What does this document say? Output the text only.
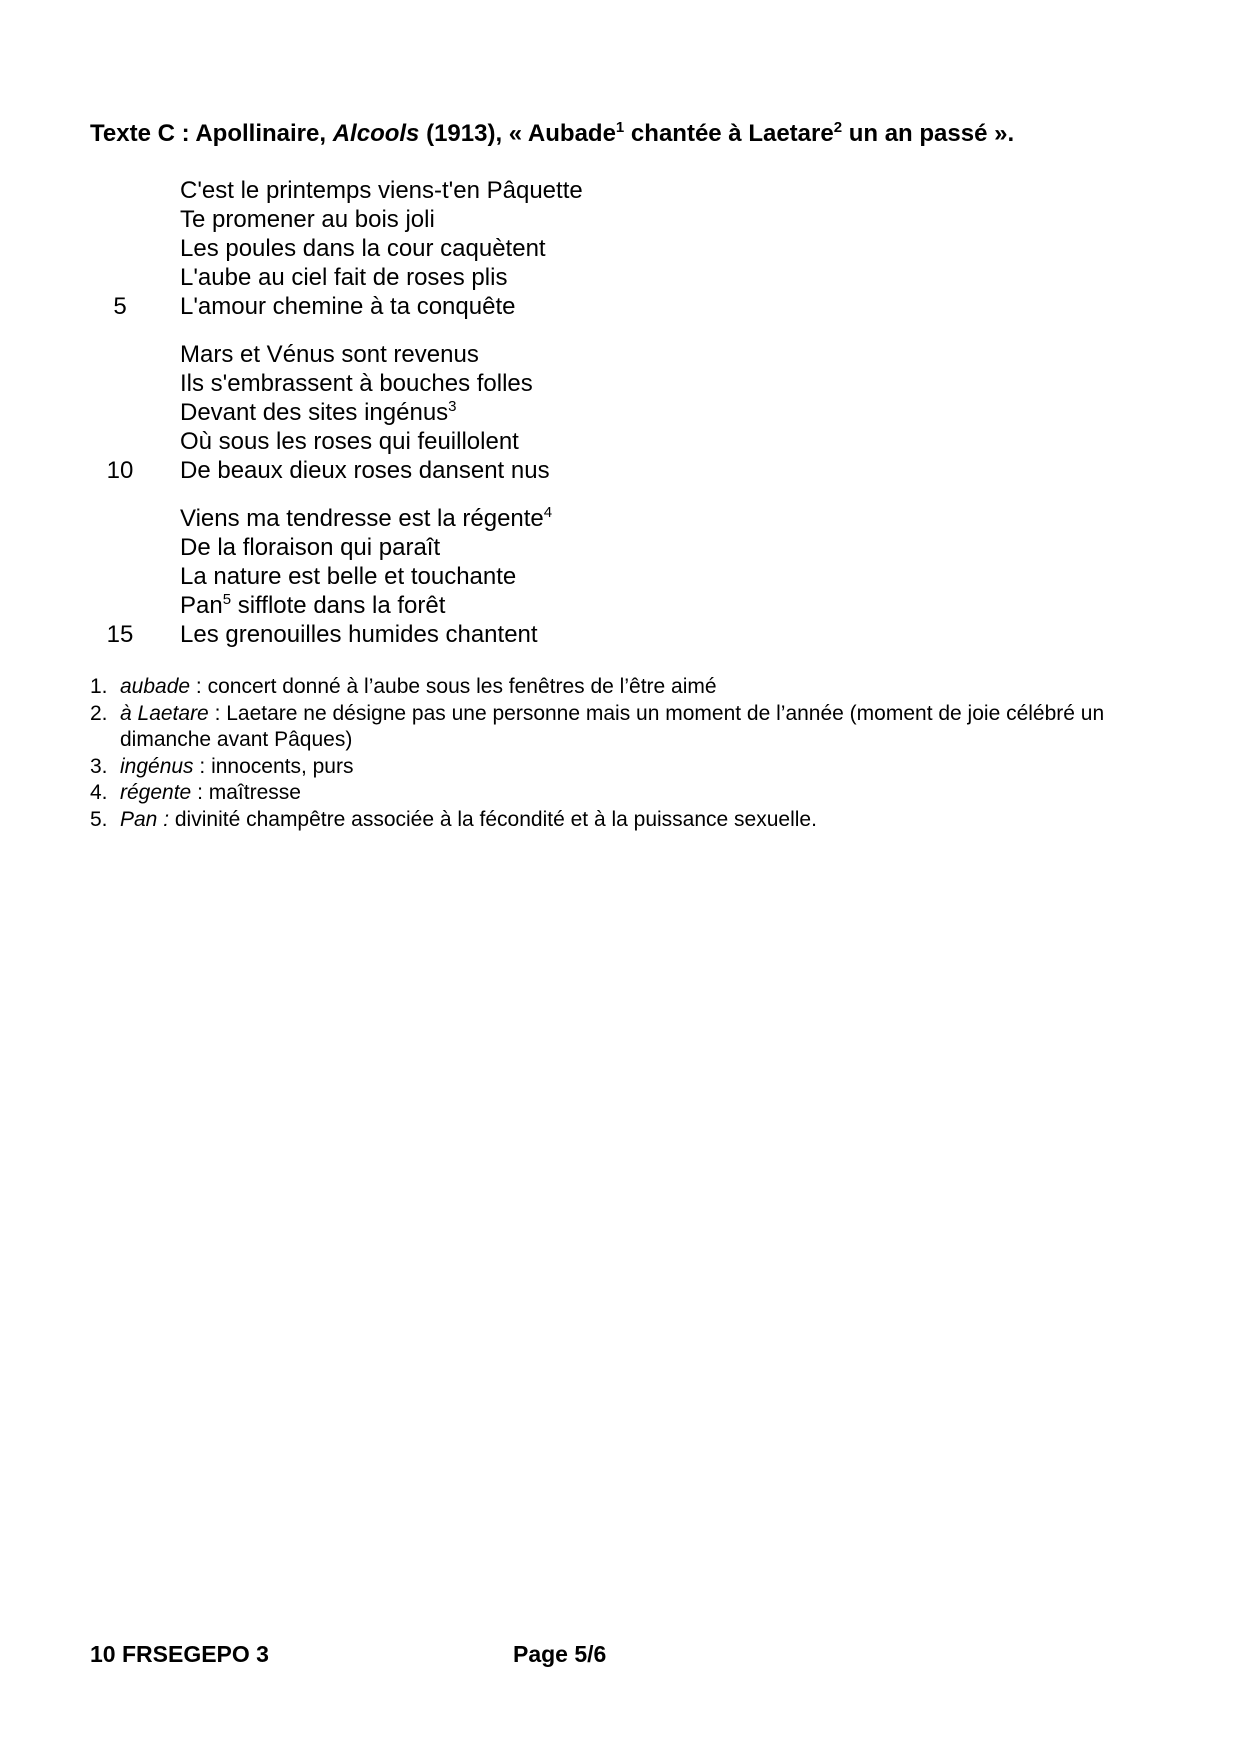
Texte C : Apollinaire, Alcools (1913), « Aubade$^1$ chantée à Laetare$^2$ un an passé ».
C'est le printemps viens-t'en Pâquette
Te promener au bois joli
Les poules dans la cour caquètent
L'aube au ciel fait de roses plis
5	L'amour chemine à ta conquête
Mars et Vénus sont revenus
Ils s'embrassent à bouches folles
Devant des sites ingénus$^3$
Où sous les roses qui feuillolent
10	De beaux dieux roses dansent nus
Viens ma tendresse est la régente$^4$
De la floraison qui paraît
La nature est belle et touchante
Pan$^5$ sifflote dans la forêt
15	Les grenouilles humides chantent
1. aubade : concert donné à l’aube sous les fenêtres de l’être aimé
2. à Laetare : Laetare ne désigne pas une personne mais un moment de l’année (moment de joie célébré un dimanche avant Pâques)
3. ingénus : innocents, purs
4. régente : maîtresse
5. Pan : divinité champêtre associée à la fécondité et à la puissance sexuelle.
10 FRSEGEPO 3	Page 5/6
